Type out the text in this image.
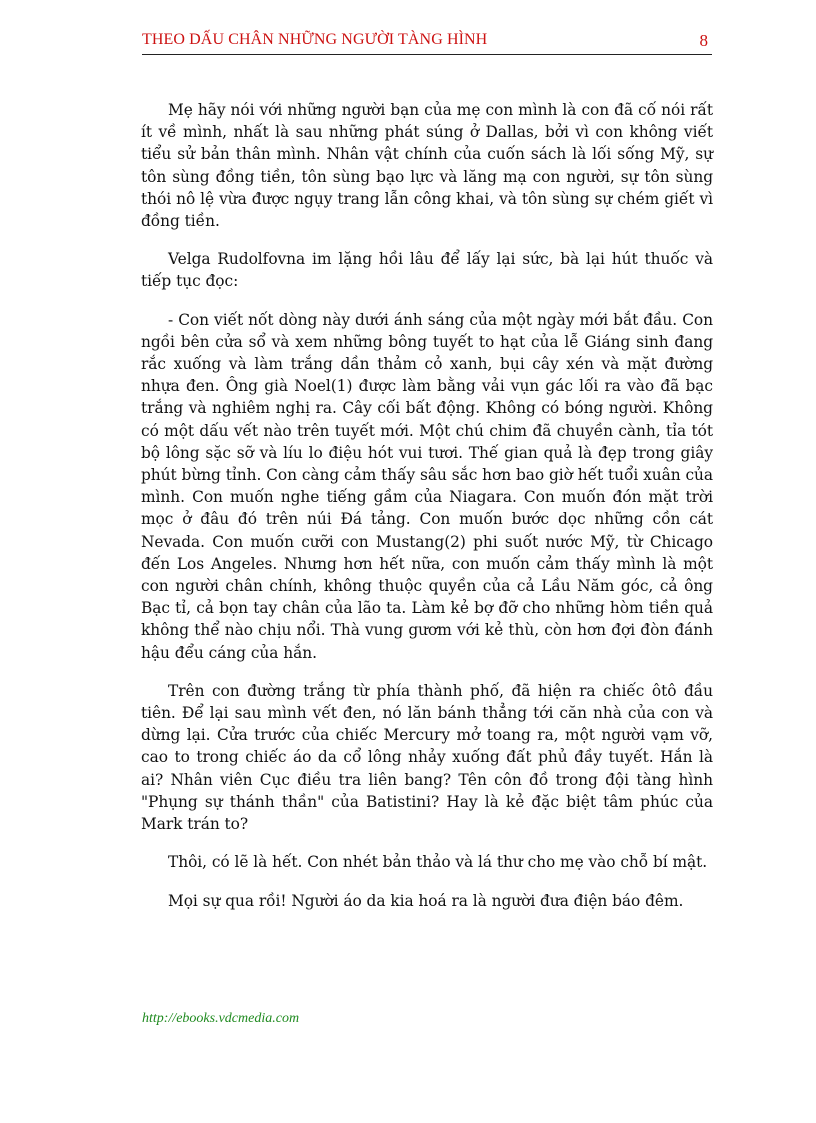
THEO DẤU CHÂN NHỮNG NGƯỜI TÀNG HÌNH	8

Mẹ hãy nói với những người bạn của mẹ con mình là con đã cố nói rất ít về mình, nhất là sau những phát súng ở Dallas, bởi vì con không viết tiểu sử bản thân mình. Nhân vật chính của cuốn sách là lối sống Mỹ, sự tôn sùng đồng tiền, tôn sùng bạo lực và lăng mạ con người, sự tôn sùng thói nô lệ vừa được ngụy trang lẫn công khai, và tôn sùng sự chém giết vì đồng tiền.

Velga Rudolfovna im lặng hồi lâu để lấy lại sức, bà lại hút thuốc và tiếp tục đọc:

- Con viết nốt dòng này dưới ánh sáng của một ngày mới bắt đầu. Con ngồi bên cửa sổ và xem những bông tuyết to hạt của lễ Giáng sinh đang rắc xuống và làm trắng dần thảm cỏ xanh, bụi cây xén và mặt đường nhựa đen. Ông già Noel(1) được làm bằng vải vụn gác lối ra vào đã bạc trắng và nghiêm nghị ra. Cây cối bất động. Không có bóng người. Không có một dấu vết nào trên tuyết mới. Một chú chim đã chuyền cành, tỉa tót bộ lông sặc sỡ và líu lo điệu hót vui tươi. Thế gian quả là đẹp trong giây phút bừng tỉnh. Con càng cảm thấy sâu sắc hơn bao giờ hết tuổi xuân của mình. Con muốn nghe tiếng gầm của Niagara. Con muốn đón mặt trời mọc ở đâu đó trên núi Đá tảng. Con muốn bước dọc những cồn cát Nevada. Con muốn cưỡi con Mustang(2) phi suốt nước Mỹ, từ Chicago đến Los Angeles. Nhưng hơn hết nữa, con muốn cảm thấy mình là một con người chân chính, không thuộc quyền của cả Lầu Năm góc, cả ông Bạc tỉ, cả bọn tay chân của lão ta. Làm kẻ bợ đỡ cho những hòm tiền quả không thể nào chịu nổi. Thà vung gươm với kẻ thù, còn hơn đợi đòn đánh hậu đểu cáng của hắn.

Trên con đường trắng từ phía thành phố, đã hiện ra chiếc ôtô đầu tiên. Để lại sau mình vết đen, nó lăn bánh thẳng tới căn nhà của con và dừng lại. Cửa trước của chiếc Mercury mở toang ra, một người vạm vỡ, cao to trong chiếc áo da cổ lông nhảy xuống đất phủ đầy tuyết. Hắn là ai? Nhân viên Cục điều tra liên bang? Tên côn đồ trong đội tàng hình "Phụng sự thánh thần" của Batistini? Hay là kẻ đặc biệt tâm phúc của Mark trán to?

Thôi, có lẽ là hết. Con nhét bản thảo và lá thư cho mẹ vào chỗ bí mật.

Mọi sự qua rồi! Người áo da kia hoá ra là người đưa điện báo đêm.

http://ebooks.vdcmedia.com
